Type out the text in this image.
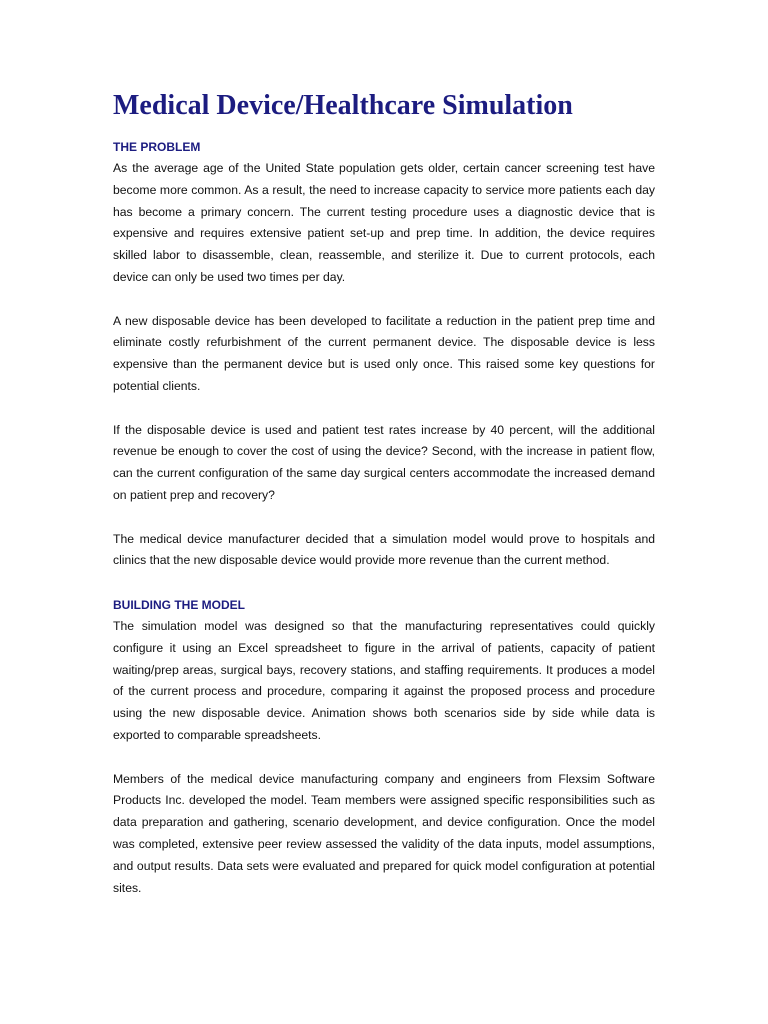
Medical Device/Healthcare Simulation
THE PROBLEM

As the average age of the United State population gets older, certain cancer screening test have become more common. As a result, the need to increase capacity to service more patients each day has become a primary concern. The current testing procedure uses a diagnostic device that is expensive and requires extensive patient set-up and prep time. In addition, the device requires skilled labor to disassemble, clean, reassemble, and sterilize it. Due to current protocols, each device can only be used two times per day.

A new disposable device has been developed to facilitate a reduction in the patient prep time and eliminate costly refurbishment of the current permanent device. The disposable device is less expensive than the permanent device but is used only once. This raised some key questions for potential clients.

If the disposable device is used and patient test rates increase by 40 percent, will the additional revenue be enough to cover the cost of using the device? Second, with the increase in patient flow, can the current configuration of the same day surgical centers accommodate the increased demand on patient prep and recovery?

The medical device manufacturer decided that a simulation model would prove to hospitals and clinics that the new disposable device would provide more revenue than the current method.

BUILDING THE MODEL

The simulation model was designed so that the manufacturing representatives could quickly configure it using an Excel spreadsheet to figure in the arrival of patients, capacity of patient waiting/prep areas, surgical bays, recovery stations, and staffing requirements. It produces a model of the current process and procedure, comparing it against the proposed process and procedure using the new disposable device. Animation shows both scenarios side by side while data is exported to comparable spreadsheets.

Members of the medical device manufacturing company and engineers from Flexsim Software Products Inc. developed the model. Team members were assigned specific responsibilities such as data preparation and gathering, scenario development, and device configuration. Once the model was completed, extensive peer review assessed the validity of the data inputs, model assumptions, and output results. Data sets were evaluated and prepared for quick model configuration at potential sites.
